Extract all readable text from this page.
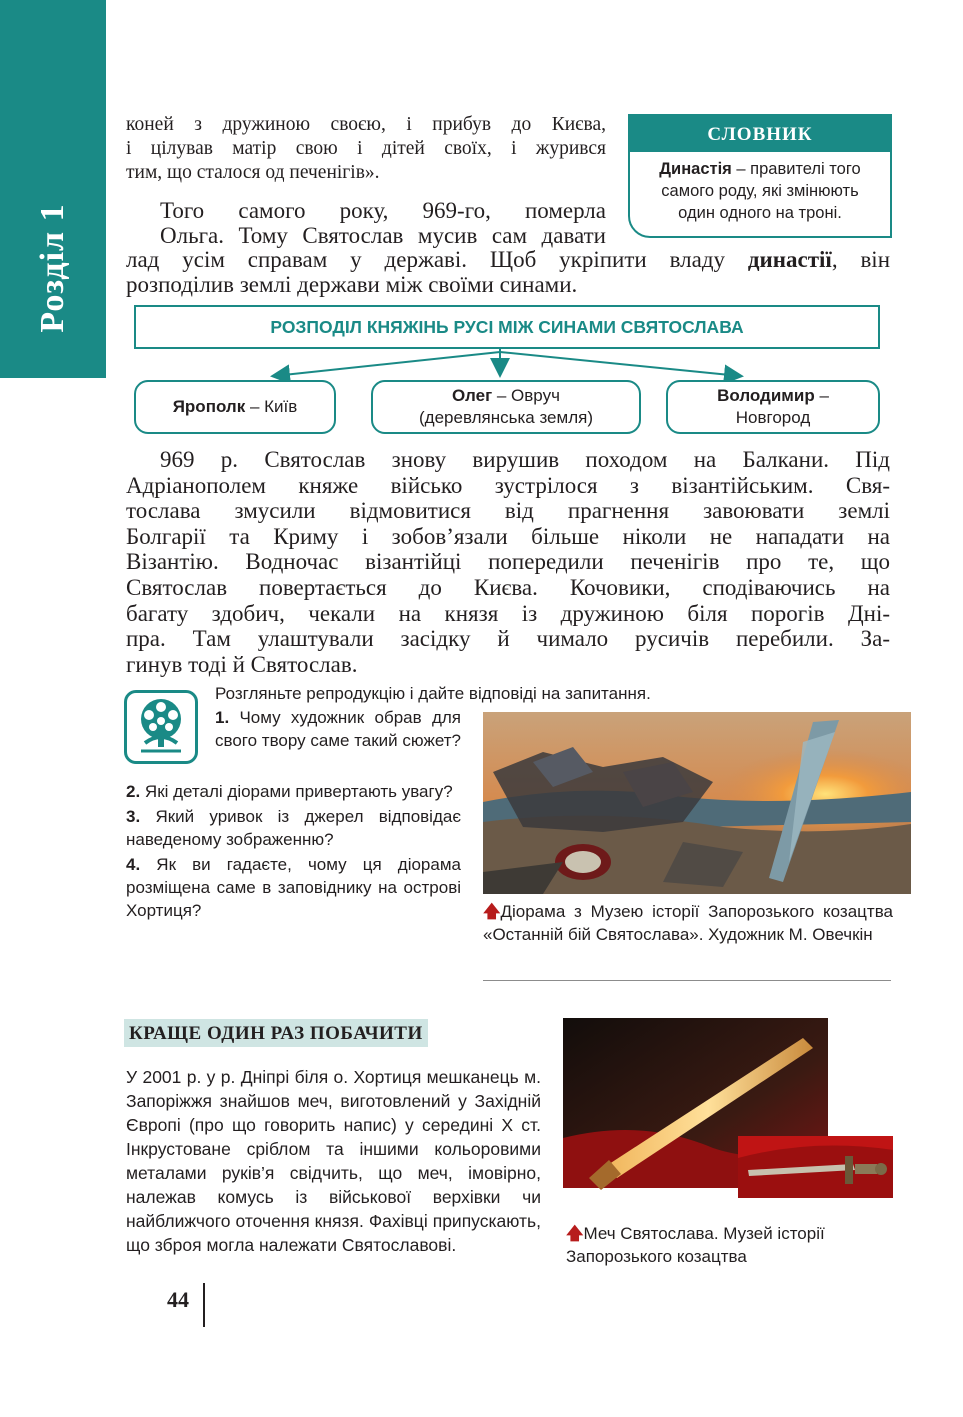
Розділ 1
коней з дружиною своєю, і прибув до Києва,
і цілував матір свою і дітей своїх, і журився
тим, що сталося од печенігів».
СЛОВНИК
Династія – правителі того
самого роду, які змінюють
один одного на троні.
Того самого року, 969-го, померла
Ольга. Тому Святослав мусив сам давати
лад усім справам у державі. Щоб укріпити владу династії, він
розподілив землі держави між своїми синами.
РОЗПОДІЛ КНЯЖІНЬ РУСІ МІЖ СИНАМИ СВЯТОСЛАВА
Ярополк – Київ
Олег – Овруч
(деревлянська земля)
Володимир –
Новгород
969 р. Святослав знову вирушив походом на Балкани. Під
Адріанополем княже військо зустрілося з візантійським. Свя-
тослава змусили відмовитися від прагнення завоювати землі
Болгарії та Криму і зобов’язали більше ніколи не нападати на
Візантію. Водночас візантійці попередили печенігів про те, що
Святослав повертається до Києва. Кочовики, сподіваючись на
багату здобич, чекали на князя із дружиною біля порогів Дні-
пра. Там улаштували засідку й чимало русичів перебили. За-
гинув тоді й Святослав.
Розгляньте репродукцію і дайте відповіді на запитання.

1. Чому художник обрав для свого твору саме такий сюжет?

2. Які деталі діорами привертають увагу?

3. Який уривок із джерел відповідає наведеному зображенню?

4. Як ви гадаєте, чому ця діорама розміщена саме в заповіднику на острові Хортиця?	🡅Діорама з Музею історії Запорозького козацтва «Останній бій Святослава». Художник М. Овечкін
КРАЩЕ ОДИН РАЗ ПОБАЧИТИ
У 2001 р. у р. Дніпрі біля о. Хортиця мешканець м. Запоріжжя знайшов меч, виготовлений у Західній Європі (про що говорить напис) у середині Х ст. Інкрустоване сріблом та іншими кольоровими металами руків’я свідчить, що меч, імовірно, належав комусь із військової верхівки чи найближчого оточення князя. Фахівці припускають, що зброя могла належати Святославові.
🡅Меч Святослава. Музей історії Запорозького козацтва
44
